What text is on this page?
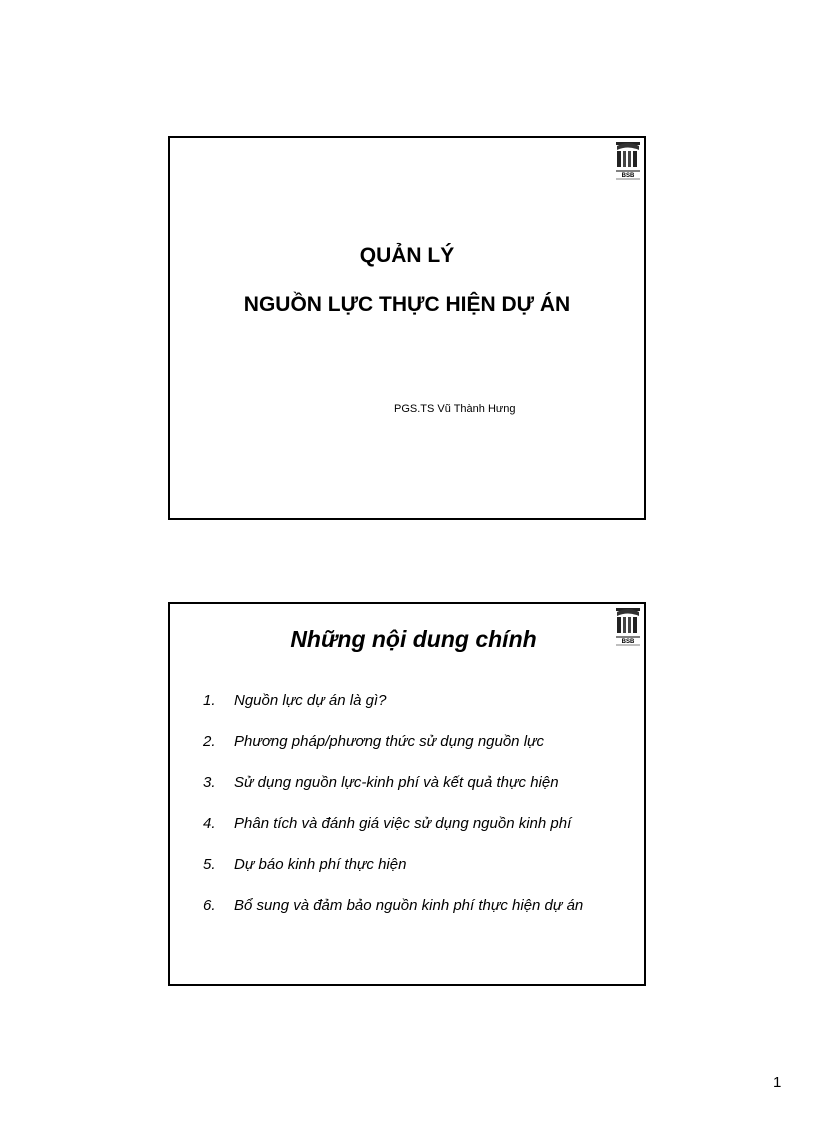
BSB
QUẢN LÝ
NGUỒN LỰC THỰC HIỆN DỰ ÁN
PGS.TS Vũ Thành Hưng
BSB
Những nội dung chính
1. Nguồn lực dự án là gì?
2. Phương pháp/phương thức sử dụng nguồn lực
3. Sử dụng nguồn lực-kinh phí và kết quả thực hiện
4. Phân tích và đánh giá việc sử dụng nguồn kinh phí
5. Dự báo kinh phí thực hiện
6. Bổ sung và đảm bảo nguồn kinh phí thực hiện dự án
1
